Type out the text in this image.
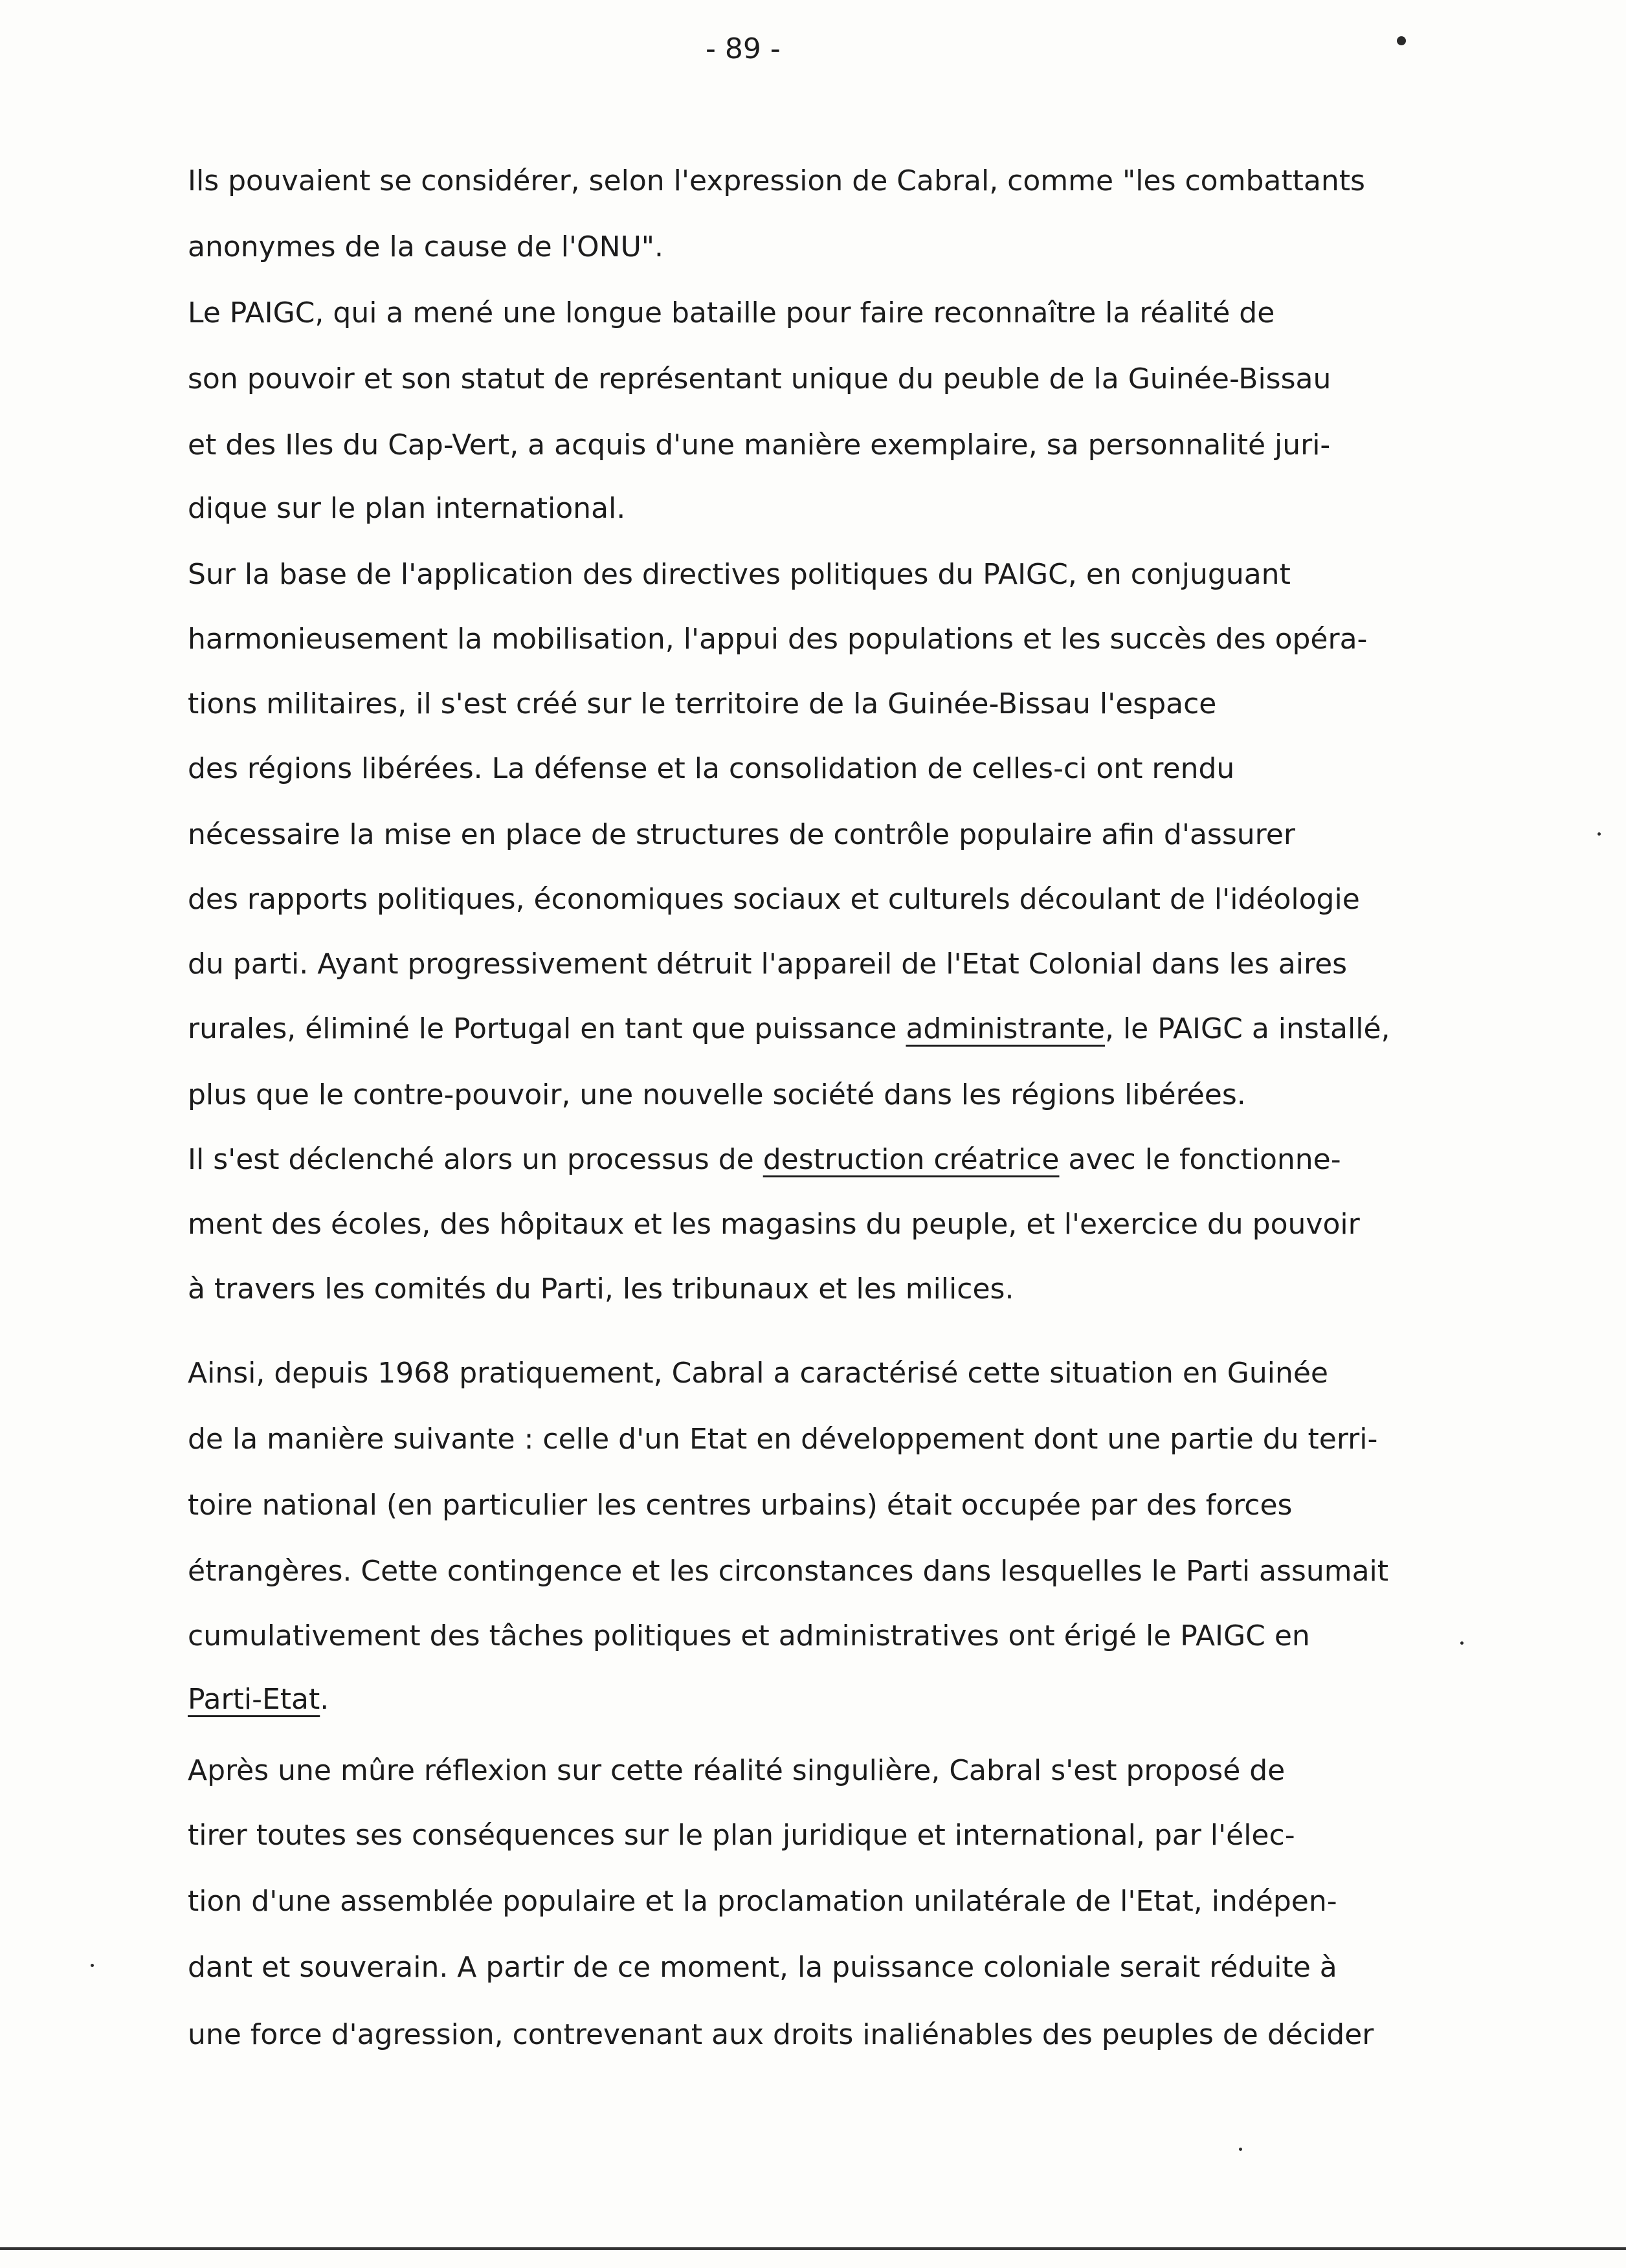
- 89 -
Ils pouvaient se considérer, selon l'expression de Cabral, comme "les combattants
anonymes de la cause de l'ONU".
Le PAIGC, qui a mené une longue bataille pour faire reconnaître la réalité de
son pouvoir et son statut de représentant unique du peuble de la Guinée-Bissau
et des Iles du Cap-Vert, a acquis d'une manière exemplaire, sa personnalité juri-
dique sur le plan international.
Sur la base de l'application des directives politiques du PAIGC, en conjuguant
harmonieusement la mobilisation, l'appui des populations et les succès des opéra-
tions militaires, il s'est créé sur le territoire de la Guinée-Bissau l'espace
des régions libérées. La défense et la consolidation de celles-ci ont rendu
nécessaire la mise en place de structures de contrôle populaire afin d'assurer
des rapports politiques, économiques sociaux et culturels découlant de l'idéologie
du parti. Ayant progressivement détruit l'appareil de l'Etat Colonial dans les aires
rurales, éliminé le Portugal en tant que puissance administrante, le PAIGC a installé,
plus que le contre-pouvoir, une nouvelle société dans les régions libérées.
Il s'est déclenché alors un processus de destruction créatrice avec le fonctionne-
ment des écoles, des hôpitaux et les magasins du peuple, et l'exercice du pouvoir
à travers les comités du Parti, les tribunaux et les milices.
Ainsi, depuis 1968 pratiquement, Cabral a caractérisé cette situation en Guinée
de la manière suivante : celle d'un Etat en développement dont une partie du terri-
toire national (en particulier les centres urbains) était occupée par des forces
étrangères. Cette contingence et les circonstances dans lesquelles le Parti assumait
cumulativement des tâches politiques et administratives ont érigé le PAIGC en
Parti-Etat.
Après une mûre réflexion sur cette réalité singulière, Cabral s'est proposé de
tirer toutes ses conséquences sur le plan juridique et international, par l'élec-
tion d'une assemblée populaire et la proclamation unilatérale de l'Etat, indépen-
dant et souverain. A partir de ce moment, la puissance coloniale serait réduite à
une force d'agression, contrevenant aux droits inaliénables des peuples de décider
